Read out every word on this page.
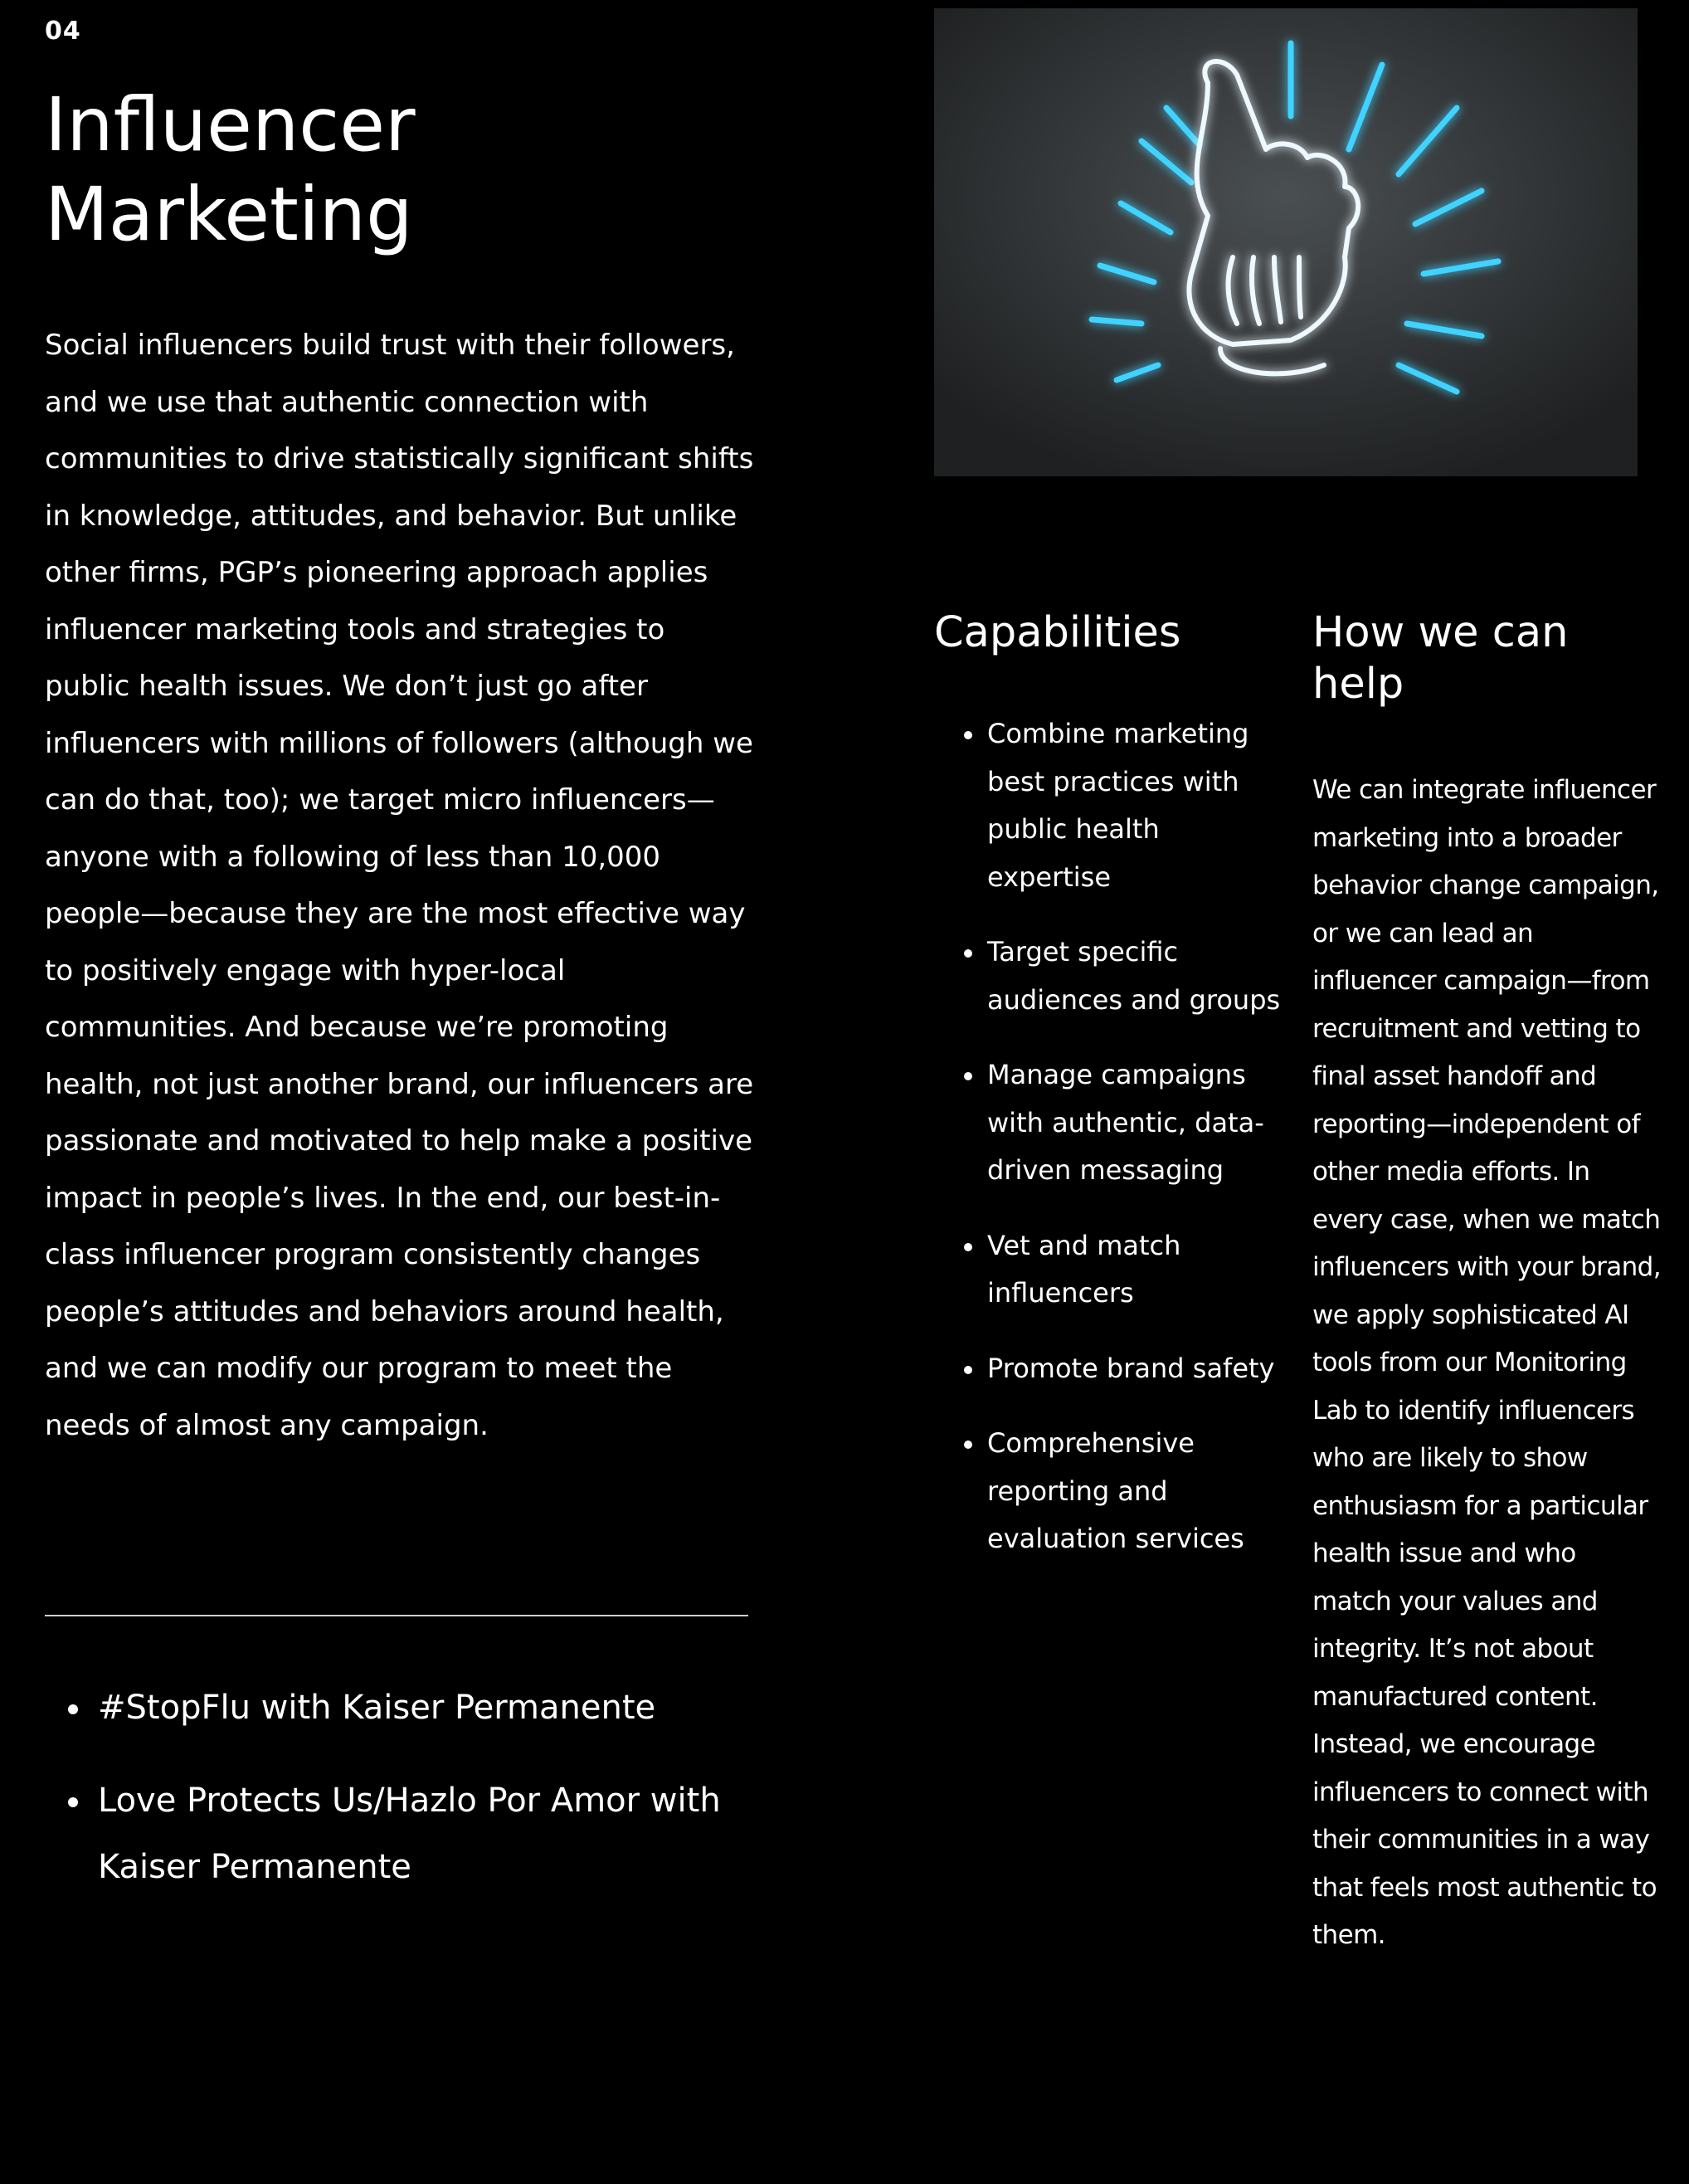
04
Influencer Marketing

Social influencers build trust with their followers, and we use that authentic connection with communities to drive statistically significant shifts in knowledge, attitudes, and behavior. But unlike other firms, PGP’s pioneering approach applies influencer marketing tools and strategies to public health issues. We don’t just go after influencers with millions of followers (although we can do that, too); we target micro influencers—anyone with a following of less than 10,000 people—because they are the most effective way to positively engage with hyper-local communities. And because we’re promoting health, not just another brand, our influencers are passionate and motivated to help make a positive impact in people’s lives. In the end, our best-in-class influencer program consistently changes people’s attitudes and behaviors around health, and we can modify our program to meet the needs of almost any campaign.

#StopFlu with Kaiser Permanente
Love Protects Us/Hazlo Por Amor with Kaiser Permanente
Capabilities	How we can help
Combine marketing best practices with public health expertise
Target specific audiences and groups
Manage campaigns with authentic, data-driven messaging
Vet and match influencers
Promote brand safety
Comprehensive reporting and evaluation services

We can integrate influencer marketing into a broader behavior change campaign, or we can lead an influencer campaign—from recruitment and vetting to final asset handoff and reporting—independent of other media efforts. In every case, when we match influencers with your brand, we apply sophisticated AI tools from our Monitoring Lab to identify influencers who are likely to show enthusiasm for a particular health issue and who match your values and integrity. It’s not about manufactured content. Instead, we encourage influencers to connect with their communities in a way that feels most authentic to them.
